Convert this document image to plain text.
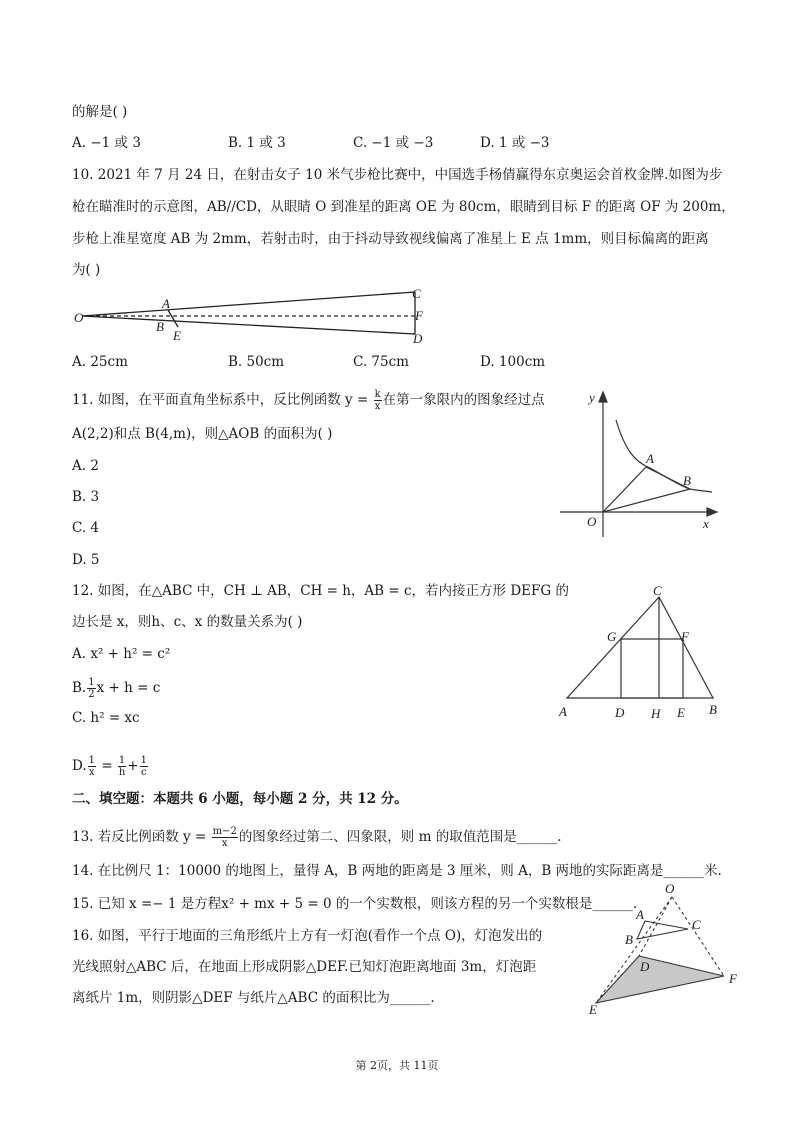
的解是( )
A. −1 或 3	B. 1 或 3	C. −1 或 −3	D. 1 或 −3
10. 2021 年 7 月 24 日，在射击女子 10 米气步枪比赛中，中国选手杨倩赢得东京奥运会首枚金牌.如图为步
枪在瞄准时的示意图，AB//CD，从眼睛 O 到准星的距离 OE 为 80cm，眼睛到目标 F 的距离 OF 为 200m，
步枪上准星宽度 AB 为 2mm，若射击时，由于抖动导致视线偏离了准星上 E 点 1mm，则目标偏离的距离
为( )
A. 25cm	B. 50cm	C. 75cm	D. 100cm
11. 如图，在平面直角坐标系中，反比例函数 $y = \frac{k}{x}$ 在第一象限内的图象经过点
A(2,2)和点 B(4,m)，则△AOB 的面积为( )
A. 2
B. 3
C. 4
D. 5
12. 如图，在△ABC 中，CH ⊥ AB，CH = h，AB = c，若内接正方形 DEFG 的
边长是 x，则h、c、x 的数量关系为( )
A. x² + h² = c²
B. $\frac{1}{2}$ x + h = c
C. h² = xc
D. $\frac{1}{x} = \frac{1}{h} + \frac{1}{c}$
二、填空题：本题共 6 小题，每小题 2 分，共 12 分。
13. 若反比例函数 $y = \frac{m-2}{x}$ 的图象经过第二、四象限，则 m 的取值范围是______.
14. 在比例尺 1：10000 的地图上，量得 A，B 两地的距离是 3 厘米，则 A，B 两地的实际距离是______米.
15. 已知 x =− 1 是方程x² + mx + 5 = 0 的一个实数根，则该方程的另一个实数根是______.
16. 如图，平行于地面的三角形纸片上方有一灯泡(看作一个点 O)，灯泡发出的
光线照射△ABC 后，在地面上形成阴影△DEF.已知灯泡距离地面 3m，灯泡距
离纸片 1m，则阴影△DEF 与纸片△ABC 的面积比为______.
第 2页，共 11页
O
A
B
E
C
F
D
y
x
O
A
B
C
G	F
A	D H E B
O
A
C
B
D
E
F
